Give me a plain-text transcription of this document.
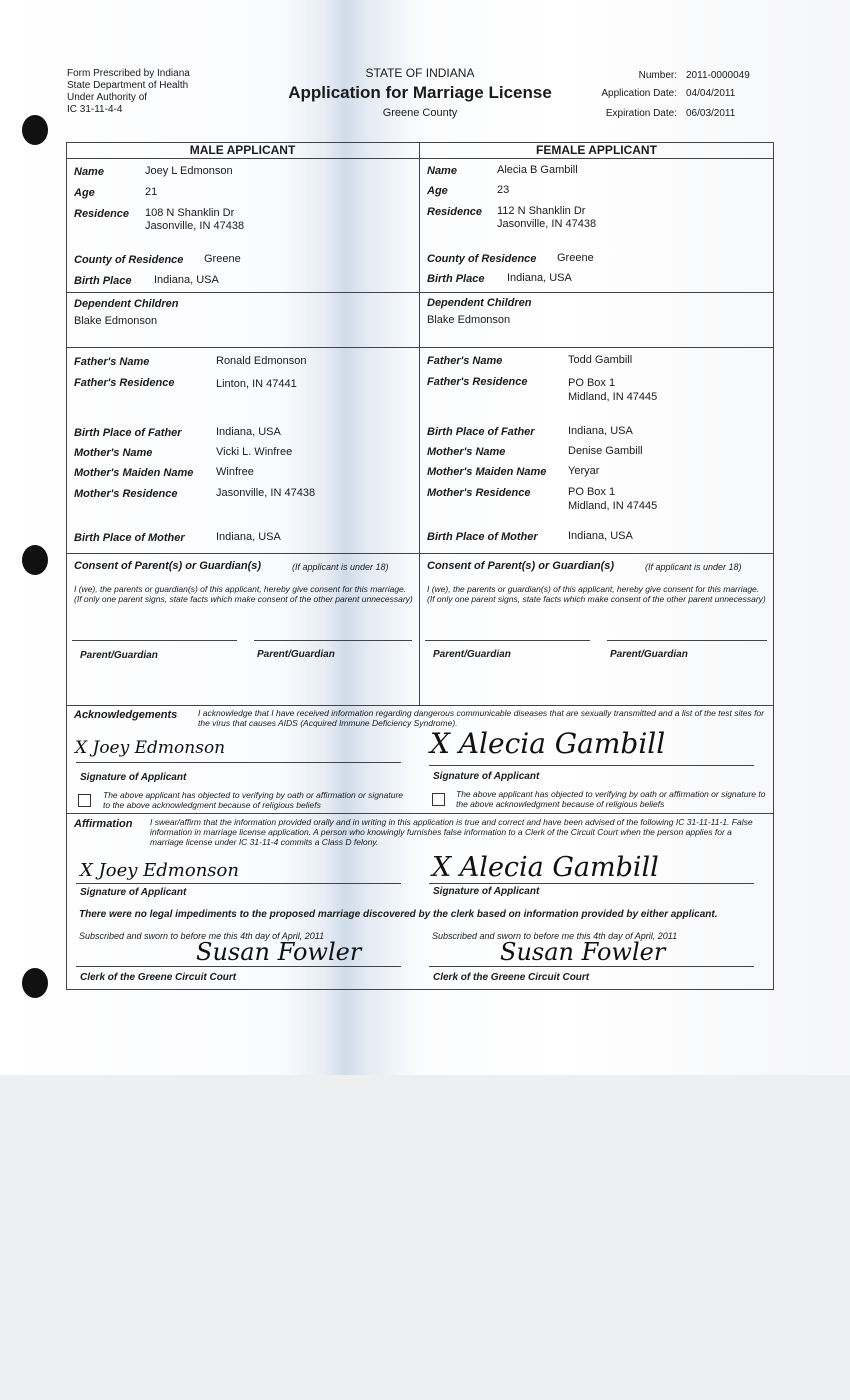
Form Prescribed by Indiana
State Department of Health
Under Authority of
IC 31-11-4-4
STATE OF INDIANA
Application for Marriage License
Greene County
Number: 2011-0000049
Application Date: 04/04/2011
Expiration Date: 06/03/2011
MALE APPLICANT	FEMALE APPLICANT
Name	Joey L Edmonson
Age	21
Residence 108 N Shanklin Dr
Jasonville, IN 47438
County of Residence Greene
Birth Place Indiana, USA
Dependent Children
Blake Edmonson
Father's Name	Ronald Edmonson
Father's Residence	Linton, IN 47441
Birth Place of Father	Indiana, USA
Mother's Name	Vicki L. Winfree
Mother's Maiden Name Winfree
Mother's Residence	Jasonville, IN 47438
Birth Place of Mother	Indiana, USA
Name	Alecia B Gambill
Age	23
Residence 112 N Shanklin Dr
Jasonville, IN 47438
County of Residence Greene
Birth Place Indiana, USA
Dependent Children
Blake Edmonson
Father's Name	Todd Gambill
Father's Residence	PO Box 1
Midland, IN 47445
Birth Place of Father	Indiana, USA
Mother's Name	Denise Gambill
Mother's Maiden Name Yeryar
Mother's Residence	PO Box 1
Midland, IN 47445
Birth Place of Mother	Indiana, USA
Consent of Parent(s) or Guardian(s)	(If applicant is under 18)
I (we), the parents or guardian(s) of this applicant, hereby give consent for this marriage. (If only one parent signs, state facts which make consent of the other parent unnecessary)
Parent/Guardian	Parent/Guardian
Consent of Parent(s) or Guardian(s)	(If applicant is under 18)
I (we), the parents or guardian(s) of this applicant, hereby give consent for this marriage. (If only one parent signs, state facts which make consent of the other parent unnecessary)
Parent/Guardian	Parent/Guardian
Acknowledgements I acknowledge that I have received information regarding dangerous communicable diseases that are sexually transmitted and a list of the test sites for the virus that causes AIDS (Acquired Immune Deficiency Syndrome).
X Joey Edmonson
Signature of Applicant
The above applicant has objected to verifying by oath or affirmation or signature to the above acknowledgment because of religious beliefs
X Alecia Gambill
Signature of Applicant
The above applicant has objected to verifying by oath or affirmation or signature to the above acknowledgment because of religious beliefs
Affirmation I swear/affirm that the information provided orally and in writing in this application is true and correct and have been advised of the following IC 31-11-11-1. False information in marriage license application. A person who knowingly furnishes false information to a Clerk of the Circuit Court when the person applies for a marriage license under IC 31-11-4 commits a Class D felony.
X Joey Edmonson
Signature of Applicant
X Alecia Gambill
Signature of Applicant
There were no legal impediments to the proposed marriage discovered by the clerk based on information provided by either applicant.
Subscribed and sworn to before me this 4th day of April, 2011
Susan Fowler
Clerk of the Greene Circuit Court
Subscribed and sworn to before me this 4th day of April, 2011
Susan Fowler
Clerk of the Greene Circuit Court
